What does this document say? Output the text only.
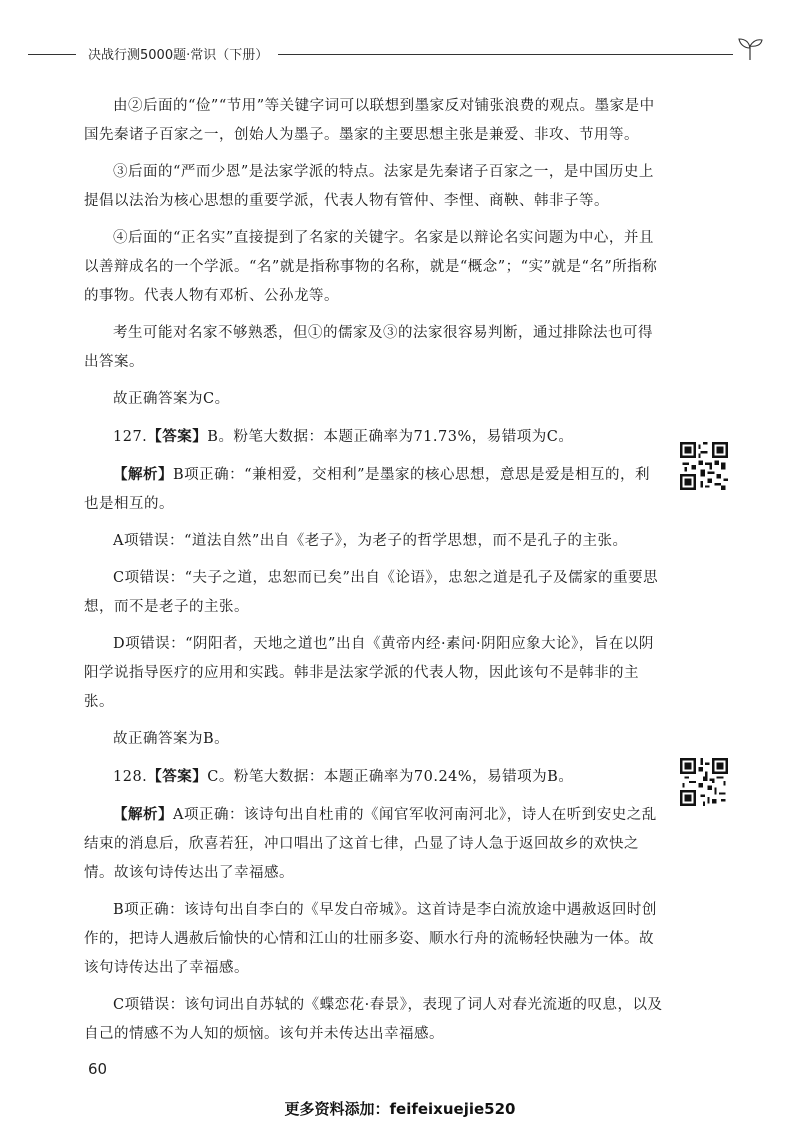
决战行测5000题·常识（下册）

由②后面的“俭”“节用”等关键字词可以联想到墨家反对铺张浪费的观点。墨家是中国先秦诸子百家之一，创始人为墨子。墨家的主要思想主张是兼爱、非攻、节用等。

③后面的“严而少恩”是法家学派的特点。法家是先秦诸子百家之一，是中国历史上提倡以法治为核心思想的重要学派，代表人物有管仲、李悝、商鞅、韩非子等。

④后面的“正名实”直接提到了名家的关键字。名家是以辩论名实问题为中心，并且以善辩成名的一个学派。“名”就是指称事物的名称，就是“概念”；“实”就是“名”所指称的事物。代表人物有邓析、公孙龙等。

考生可能对名家不够熟悉，但①的儒家及③的法家很容易判断，通过排除法也可得出答案。

故正确答案为C。

127.【答案】B。粉笔大数据：本题正确率为71.73%，易错项为C。

【解析】B项正确：“兼相爱，交相利”是墨家的核心思想，意思是爱是相互的，利也是相互的。

A项错误：“道法自然”出自《老子》，为老子的哲学思想，而不是孔子的主张。

C项错误：“夫子之道，忠恕而已矣”出自《论语》，忠恕之道是孔子及儒家的重要思想，而不是老子的主张。

D项错误：“阴阳者，天地之道也”出自《黄帝内经·素问·阴阳应象大论》，旨在以阴阳学说指导医疗的应用和实践。韩非是法家学派的代表人物，因此该句不是韩非的主张。

故正确答案为B。

128.【答案】C。粉笔大数据：本题正确率为70.24%，易错项为B。

【解析】A项正确：该诗句出自杜甫的《闻官军收河南河北》，诗人在听到安史之乱结束的消息后，欣喜若狂，冲口唱出了这首七律，凸显了诗人急于返回故乡的欢快之情。故该句诗传达出了幸福感。

B项正确：该诗句出自李白的《早发白帝城》。这首诗是李白流放途中遇赦返回时创作的，把诗人遇赦后愉快的心情和江山的壮丽多姿、顺水行舟的流畅轻快融为一体。故该句诗传达出了幸福感。

C项错误：该句词出自苏轼的《蝶恋花·春景》，表现了词人对春光流逝的叹息，以及自己的情感不为人知的烦恼。该句并未传达出幸福感。

60
更多资料添加：feifeixuejie520
